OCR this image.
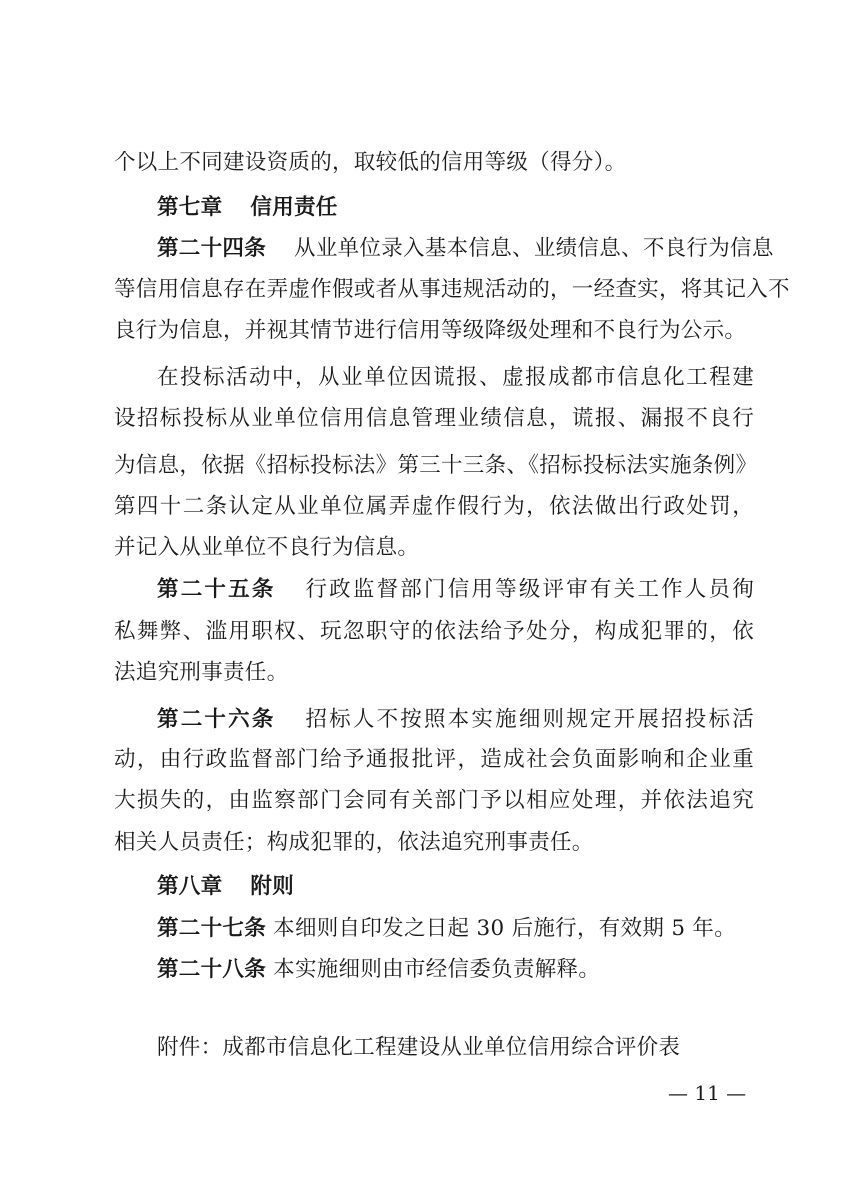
个以上不同建设资质的，取较低的信用等级（得分）。
第七章 信用责任
第二十四条 从业单位录入基本信息、业绩信息、不良行为信息
等信用信息存在弄虚作假或者从事违规活动的，一经查实，将其记入不
良行为信息，并视其情节进行信用等级降级处理和不良行为公示。
在投标活动中，从业单位因谎报、虚报成都市信息化工程建
设招标投标从业单位信用信息管理业绩信息，谎报、漏报不良行
为信息，依据《招标投标法》第三十三条、《招标投标法实施条例》
第四十二条认定从业单位属弄虚作假行为，依法做出行政处罚，
并记入从业单位不良行为信息。
第二十五条 行政监督部门信用等级评审有关工作人员徇
私舞弊、滥用职权、玩忽职守的依法给予处分，构成犯罪的，依
法追究刑事责任。
第二十六条 招标人不按照本实施细则规定开展招投标活
动，由行政监督部门给予通报批评，造成社会负面影响和企业重
大损失的，由监察部门会同有关部门予以相应处理，并依法追究
相关人员责任；构成犯罪的，依法追究刑事责任。
第八章 附则
第二十七条 本细则自印发之日起 30 后施行，有效期 5 年。
第二十八条 本实施细则由市经信委负责解释。
附件：成都市信息化工程建设从业单位信用综合评价表
— 11 —
